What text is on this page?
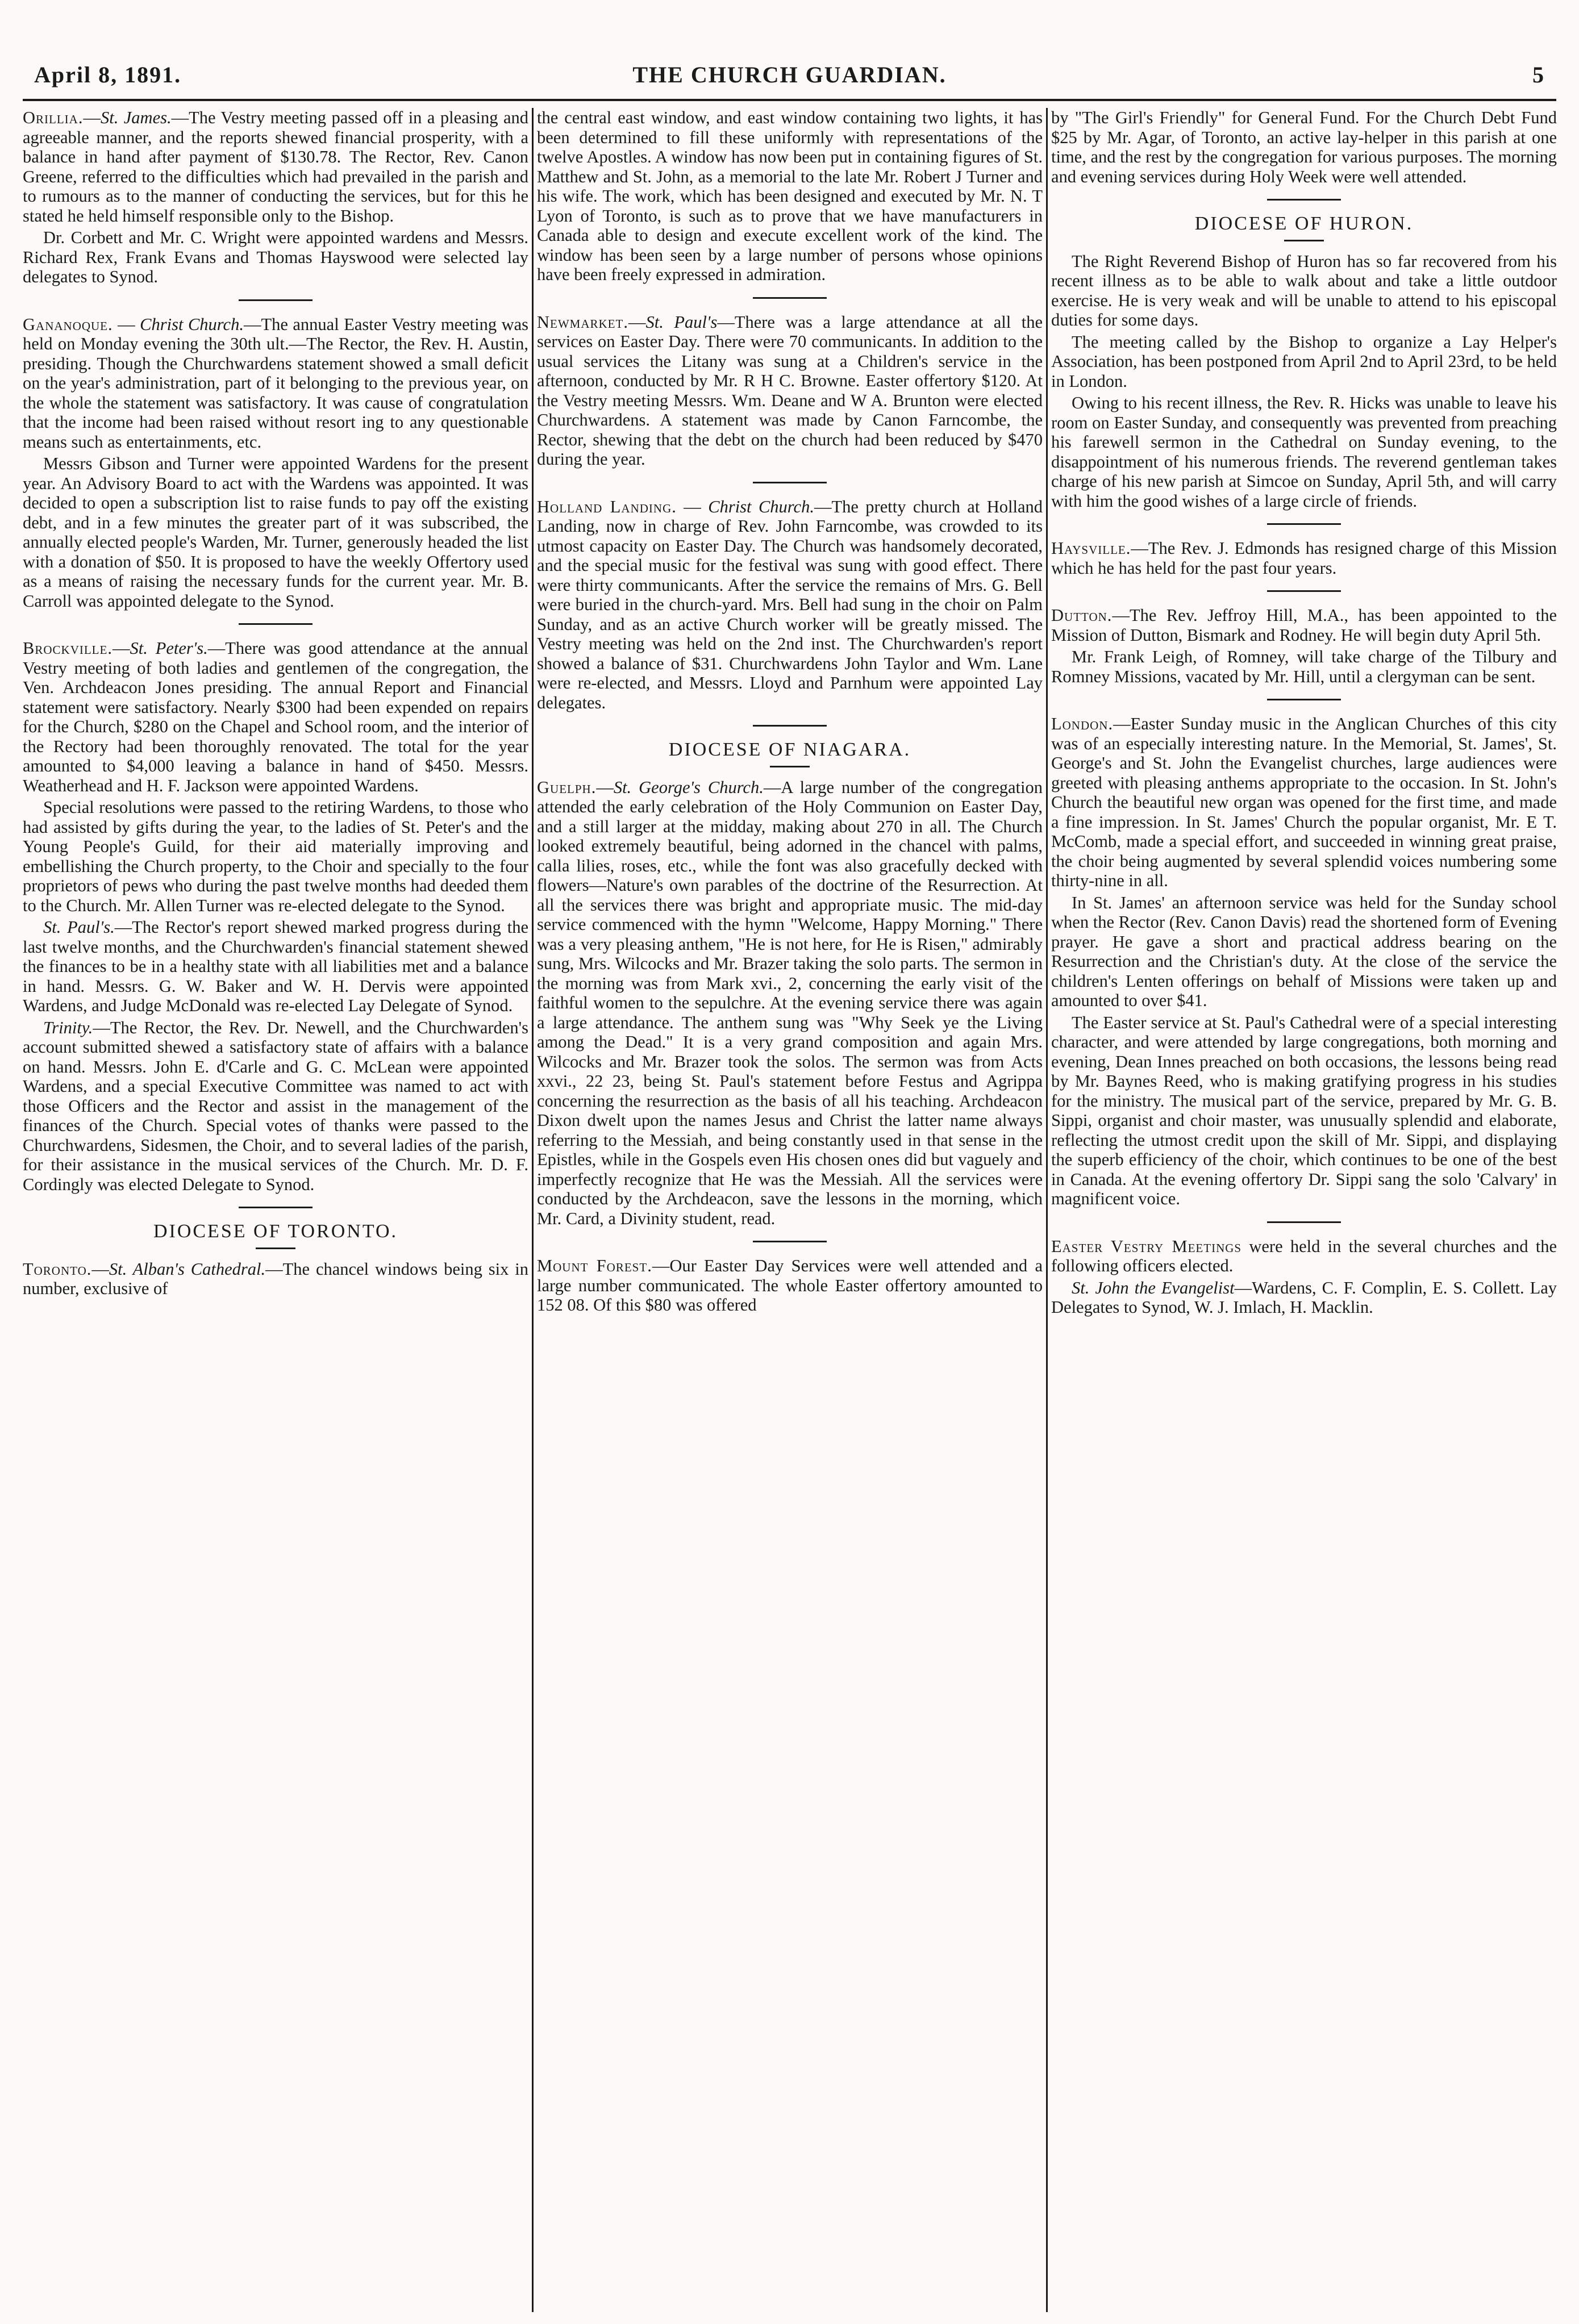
April 8, 1891.	THE CHURCH GUARDIAN.	5

Orillia.—St. James.—The Vestry meeting passed off in a pleasing and agreeable manner, and the reports shewed financial prosperity, with a balance in hand after payment of $130.78. The Rector, Rev. Canon Greene, referred to the difficulties which had prevailed in the parish and to rumours as to the manner of conducting the services, but for this he stated he held himself responsible only to the Bishop.

Dr. Corbett and Mr. C. Wright were appointed wardens and Messrs. Richard Rex, Frank Evans and Thomas Hayswood were selected lay delegates to Synod.

Gananoque. — Christ Church.—The annual Easter Vestry meeting was held on Monday evening the 30th ult.—The Rector, the Rev. H. Austin, presiding. Though the Churchwardens statement showed a small deficit on the year's administration, part of it belonging to the previous year, on the whole the statement was satisfactory. It was cause of congratulation that the income had been raised without resort ing to any questionable means such as entertainments, etc.

Messrs Gibson and Turner were appointed Wardens for the present year. An Advisory Board to act with the Wardens was appointed. It was decided to open a subscription list to raise funds to pay off the existing debt, and in a few minutes the greater part of it was subscribed, the annually elected people's Warden, Mr. Turner, generously headed the list with a donation of $50. It is proposed to have the weekly Offertory used as a means of raising the necessary funds for the current year. Mr. B. Carroll was appointed delegate to the Synod.

Brockville.—St. Peter's.—There was good attendance at the annual Vestry meeting of both ladies and gentlemen of the congregation, the Ven. Archdeacon Jones presiding. The annual Report and Financial statement were satisfactory. Nearly $300 had been expended on repairs for the Church, $280 on the Chapel and School room, and the interior of the Rectory had been thoroughly renovated. The total for the year amounted to $4,000 leaving a balance in hand of $450. Messrs. Weatherhead and H. F. Jackson were appointed Wardens.

Special resolutions were passed to the retiring Wardens, to those who had assisted by gifts during the year, to the ladies of St. Peter's and the Young People's Guild, for their aid materially improving and embellishing the Church property, to the Choir and specially to the four proprietors of pews who during the past twelve months had deeded them to the Church. Mr. Allen Turner was re-elected delegate to the Synod.

St. Paul's.—The Rector's report shewed marked progress during the last twelve months, and the Churchwarden's financial statement shewed the finances to be in a healthy state with all liabilities met and a balance in hand. Messrs. G. W. Baker and W. H. Dervis were appointed Wardens, and Judge McDonald was re-elected Lay Delegate of Synod.

Trinity.—The Rector, the Rev. Dr. Newell, and the Churchwarden's account submitted shewed a satisfactory state of affairs with a balance on hand. Messrs. John E. d'Carle and G. C. McLean were appointed Wardens, and a special Executive Committee was named to act with those Officers and the Rector and assist in the management of the finances of the Church. Special votes of thanks were passed to the Churchwardens, Sidesmen, the Choir, and to several ladies of the parish, for their assistance in the musical services of the Church. Mr. D. F. Cordingly was elected Delegate to Synod.

DIOCESE OF TORONTO.

Toronto.—St. Alban's Cathedral.—The chancel windows being six in number, exclusive of

the central east window, and east window containing two lights, it has been determined to fill these uniformly with representations of the twelve Apostles. A window has now been put in containing figures of St. Matthew and St. John, as a memorial to the late Mr. Robert J Turner and his wife. The work, which has been designed and executed by Mr. N. T Lyon of Toronto, is such as to prove that we have manufacturers in Canada able to design and execute excellent work of the kind. The window has been seen by a large number of persons whose opinions have been freely expressed in admiration.

Newmarket.—St. Paul's—There was a large attendance at all the services on Easter Day. There were 70 communicants. In addition to the usual services the Litany was sung at a Children's service in the afternoon, conducted by Mr. R H C. Browne. Easter offertory $120. At the Vestry meeting Messrs. Wm. Deane and W A. Brunton were elected Churchwardens. A statement was made by Canon Farncombe, the Rector, shewing that the debt on the church had been reduced by $470 during the year.

Holland Landing. — Christ Church.—The pretty church at Holland Landing, now in charge of Rev. John Farncombe, was crowded to its utmost capacity on Easter Day. The Church was handsomely decorated, and the special music for the festival was sung with good effect. There were thirty communicants. After the service the remains of Mrs. G. Bell were buried in the church-yard. Mrs. Bell had sung in the choir on Palm Sunday, and as an active Church worker will be greatly missed. The Vestry meeting was held on the 2nd inst. The Churchwarden's report showed a balance of $31. Churchwardens John Taylor and Wm. Lane were re-elected, and Messrs. Lloyd and Parnhum were appointed Lay delegates.

DIOCESE OF NIAGARA.

Guelph.—St. George's Church.—A large number of the congregation attended the early celebration of the Holy Communion on Easter Day, and a still larger at the midday, making about 270 in all. The Church looked extremely beautiful, being adorned in the chancel with palms, calla lilies, roses, etc., while the font was also gracefully decked with flowers—Nature's own parables of the doctrine of the Resurrection. At all the services there was bright and appropriate music. The mid-day service commenced with the hymn "Welcome, Happy Morning." There was a very pleasing anthem, "He is not here, for He is Risen," admirably sung, Mrs. Wilcocks and Mr. Brazer taking the solo parts. The sermon in the morning was from Mark xvi., 2, concerning the early visit of the faithful women to the sepulchre. At the evening service there was again a large attendance. The anthem sung was "Why Seek ye the Living among the Dead." It is a very grand composition and again Mrs. Wilcocks and Mr. Brazer took the solos. The sermon was from Acts xxvi., 22 23, being St. Paul's statement before Festus and Agrippa concerning the resurrection as the basis of all his teaching. Archdeacon Dixon dwelt upon the names Jesus and Christ the latter name always referring to the Messiah, and being constantly used in that sense in the Epistles, while in the Gospels even His chosen ones did but vaguely and imperfectly recognize that He was the Messiah. All the services were conducted by the Archdeacon, save the lessons in the morning, which Mr. Card, a Divinity student, read.

Mount Forest.—Our Easter Day Services were well attended and a large number communicated. The whole Easter offertory amounted to 152 08. Of this $80 was offered

by "The Girl's Friendly" for General Fund. For the Church Debt Fund $25 by Mr. Agar, of Toronto, an active lay-helper in this parish at one time, and the rest by the congregation for various purposes. The morning and evening services during Holy Week were well attended.

DIOCESE OF HURON.

The Right Reverend Bishop of Huron has so far recovered from his recent illness as to be able to walk about and take a little outdoor exercise. He is very weak and will be unable to attend to his episcopal duties for some days.

The meeting called by the Bishop to organize a Lay Helper's Association, has been postponed from April 2nd to April 23rd, to be held in London.

Owing to his recent illness, the Rev. R. Hicks was unable to leave his room on Easter Sunday, and consequently was prevented from preaching his farewell sermon in the Cathedral on Sunday evening, to the disappointment of his numerous friends. The reverend gentleman takes charge of his new parish at Simcoe on Sunday, April 5th, and will carry with him the good wishes of a large circle of friends.

Haysville.—The Rev. J. Edmonds has resigned charge of this Mission which he has held for the past four years.

Dutton.—The Rev. Jeffroy Hill, M.A., has been appointed to the Mission of Dutton, Bismark and Rodney. He will begin duty April 5th.

Mr. Frank Leigh, of Romney, will take charge of the Tilbury and Romney Missions, vacated by Mr. Hill, until a clergyman can be sent.

London.—Easter Sunday music in the Anglican Churches of this city was of an especially interesting nature. In the Memorial, St. James', St. George's and St. John the Evangelist churches, large audiences were greeted with pleasing anthems appropriate to the occasion. In St. John's Church the beautiful new organ was opened for the first time, and made a fine impression. In St. James' Church the popular organist, Mr. E T. McComb, made a special effort, and succeeded in winning great praise, the choir being augmented by several splendid voices numbering some thirty-nine in all.

In St. James' an afternoon service was held for the Sunday school when the Rector (Rev. Canon Davis) read the shortened form of Evening prayer. He gave a short and practical address bearing on the Resurrection and the Christian's duty. At the close of the service the children's Lenten offerings on behalf of Missions were taken up and amounted to over $41.

The Easter service at St. Paul's Cathedral were of a special interesting character, and were attended by large congregations, both morning and evening, Dean Innes preached on both occasions, the lessons being read by Mr. Baynes Reed, who is making gratifying progress in his studies for the ministry. The musical part of the service, prepared by Mr. G. B. Sippi, organist and choir master, was unusually splendid and elaborate, reflecting the utmost credit upon the skill of Mr. Sippi, and displaying the superb efficiency of the choir, which continues to be one of the best in Canada. At the evening offertory Dr. Sippi sang the solo 'Calvary' in magnificent voice.

Easter Vestry Meetings were held in the several churches and the following officers elected.

St. John the Evangelist—Wardens, C. F. Complin, E. S. Collett. Lay Delegates to Synod, W. J. Imlach, H. Macklin.
